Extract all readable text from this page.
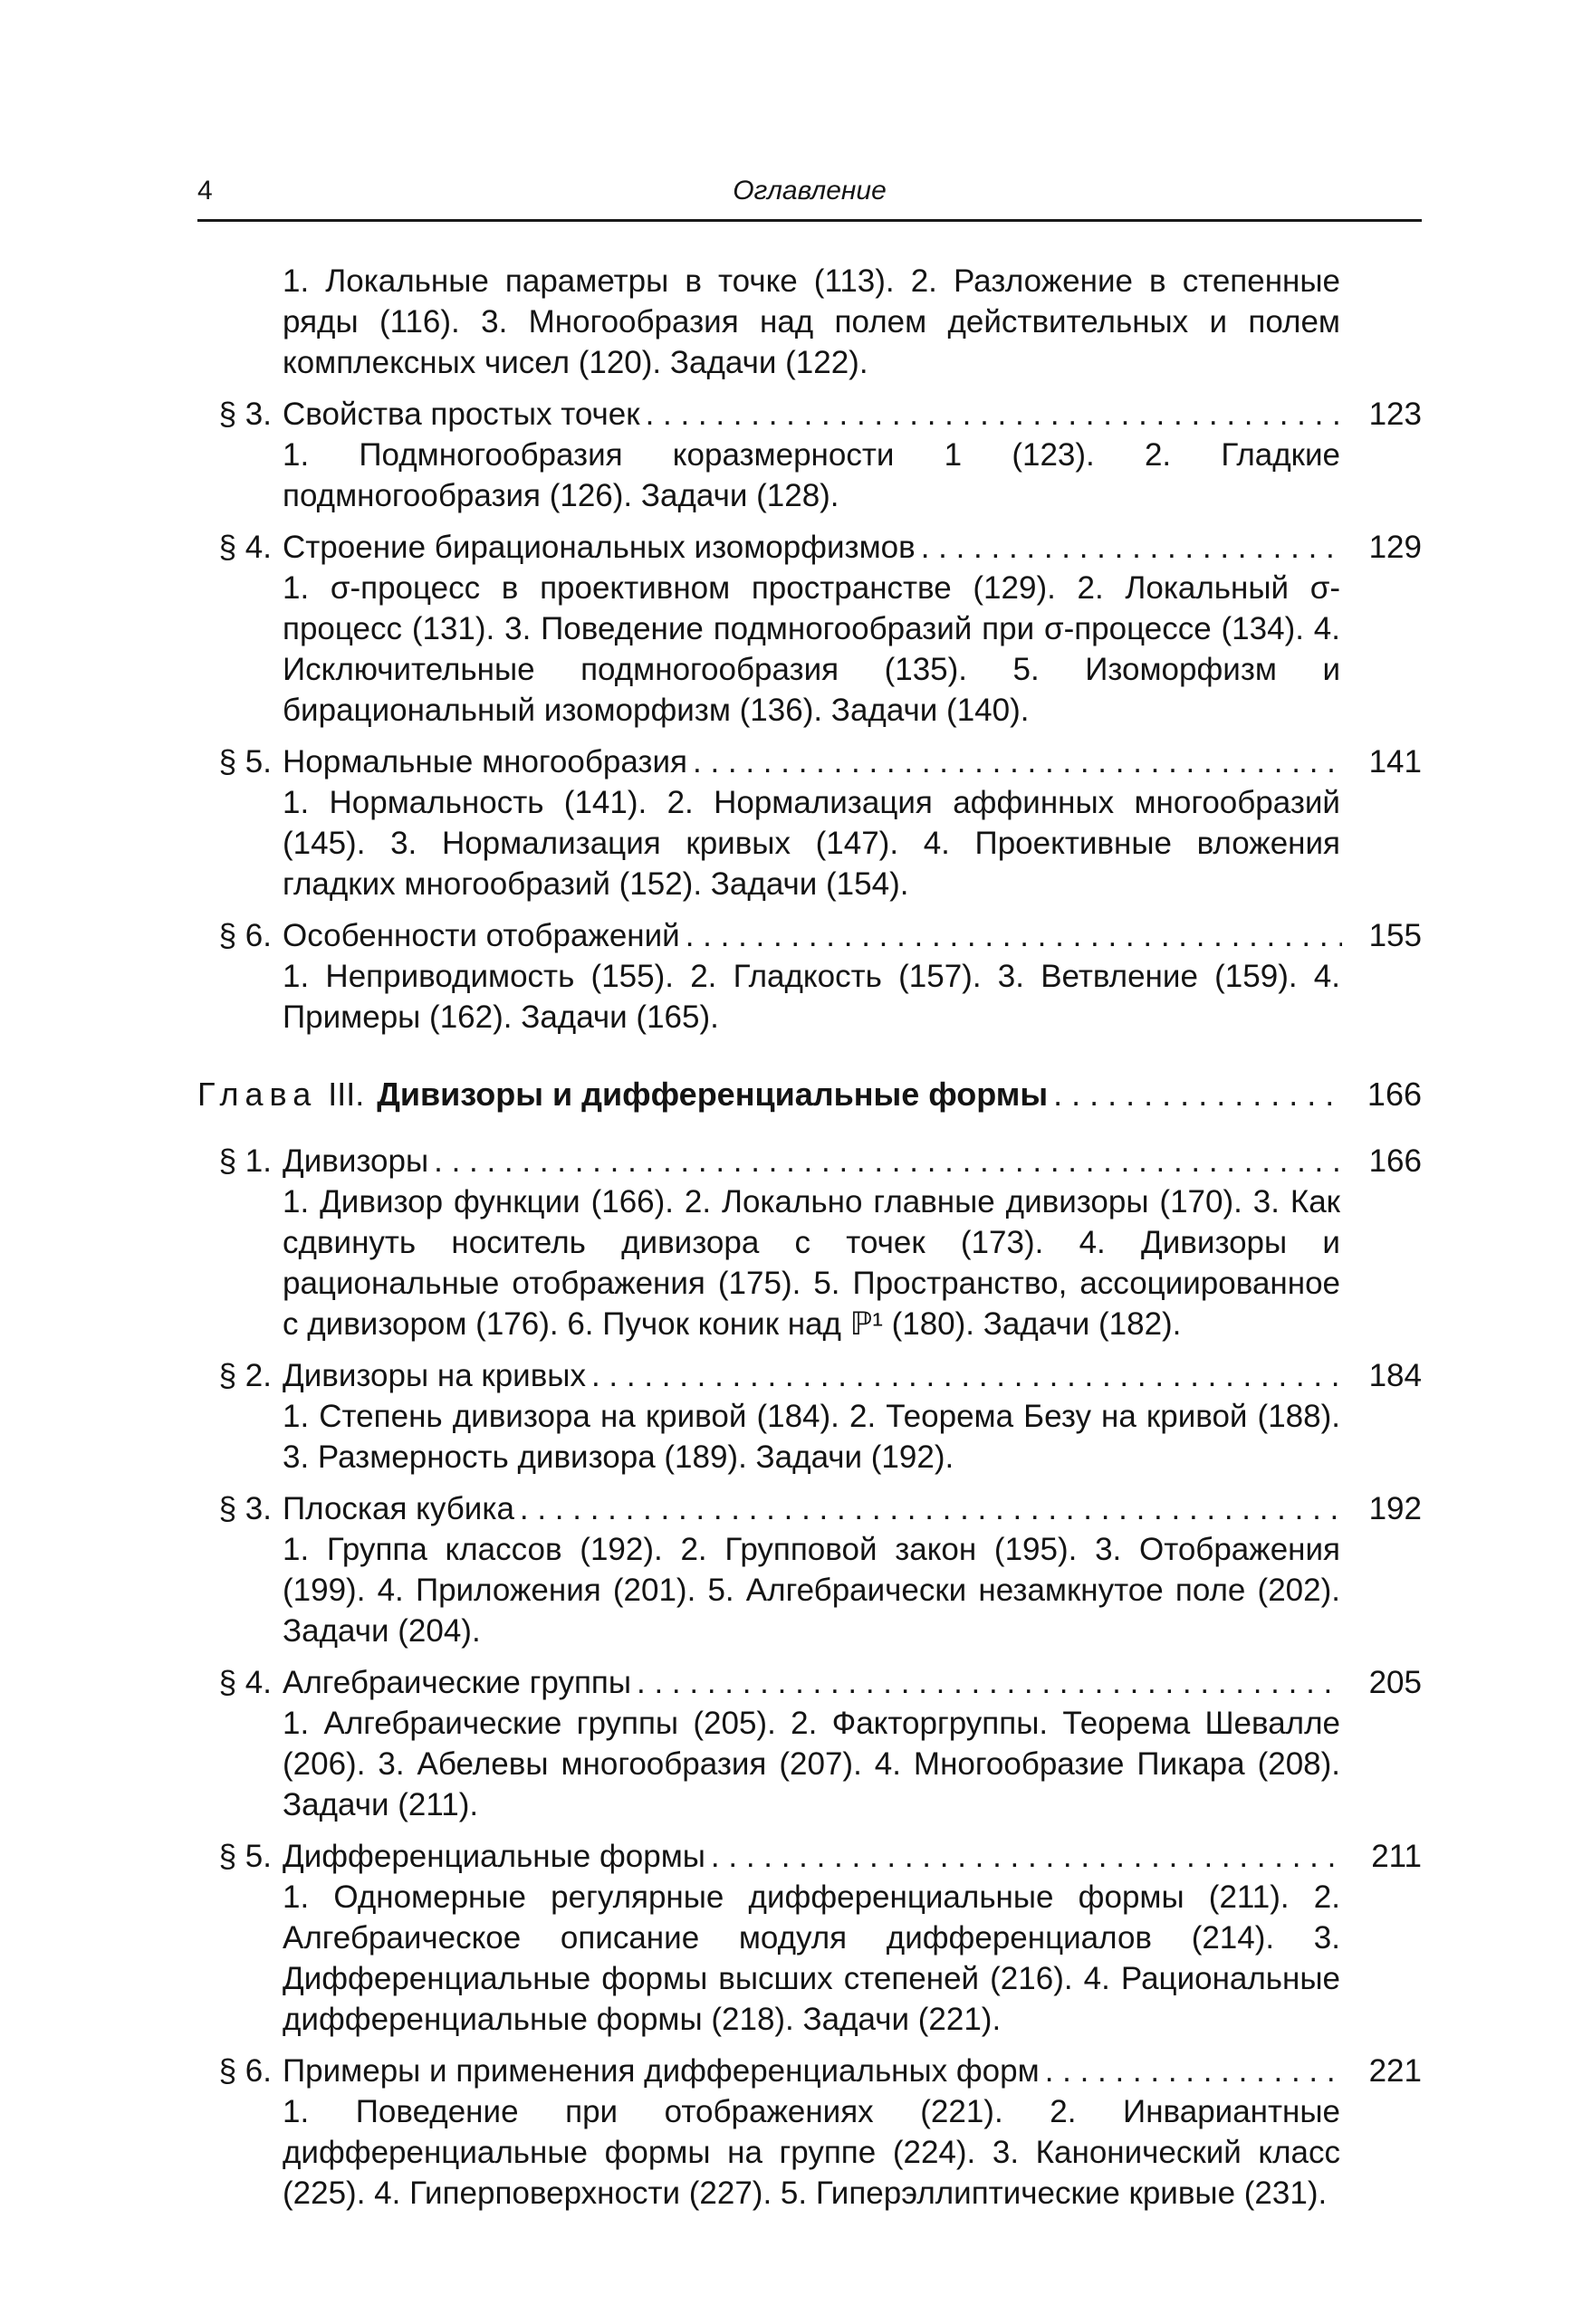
4	Оглавление
1. Локальные параметры в точке (113). 2. Разложение в степенные ряды (116). 3. Многообразия над полем действительных и полем комплексных чисел (120). Задачи (122).
§ 3. Свойства простых точек . . .	123
1. Подмногообразия коразмерности 1 (123). 2. Гладкие подмногообразия (126). Задачи (128).
§ 4. Строение бирациональных изоморфизмов . . .	129
1. σ-процесс в проективном пространстве (129). 2. Локальный σ-процесс (131). 3. Поведение подмногообразий при σ-процессе (134). 4. Исключительные подмногообразия (135). 5. Изоморфизм и бирациональный изоморфизм (136). Задачи (140).
§ 5. Нормальные многообразия . . .	141
1. Нормальность (141). 2. Нормализация аффинных многообразий (145). 3. Нормализация кривых (147). 4. Проективные вложения гладких многообразий (152). Задачи (154).
§ 6. Особенности отображений . . .	155
1. Неприводимость (155). 2. Гладкость (157). 3. Ветвление (159). 4. Примеры (162). Задачи (165).
Глава III. Дивизоры и дифференциальные формы . . .	166
§ 1. Дивизоры . . .	166
1. Дивизор функции (166). 2. Локально главные дивизоры (170). 3. Как сдвинуть носитель дивизора с точек (173). 4. Дивизоры и рациональные отображения (175). 5. Пространство, ассоциированное с дивизором (176). 6. Пучок коник над ℙ¹ (180). Задачи (182).
§ 2. Дивизоры на кривых . . .	184
1. Степень дивизора на кривой (184). 2. Теорема Безу на кривой (188). 3. Размерность дивизора (189). Задачи (192).
§ 3. Плоская кубика . . .	192
1. Группа классов (192). 2. Групповой закон (195). 3. Отображения (199). 4. Приложения (201). 5. Алгебраически незамкнутое поле (202). Задачи (204).
§ 4. Алгебраические группы . . .	205
1. Алгебраические группы (205). 2. Факторгруппы. Теорема Шевалле (206). 3. Абелевы многообразия (207). 4. Многообразие Пикара (208). Задачи (211).
§ 5. Дифференциальные формы . . .	211
1. Одномерные регулярные дифференциальные формы (211). 2. Алгебраическое описание модуля дифференциалов (214). 3. Дифференциальные формы высших степеней (216). 4. Рациональные дифференциальные формы (218). Задачи (221).
§ 6. Примеры и применения дифференциальных форм . . .	221
1. Поведение при отображениях (221). 2. Инвариантные дифференциальные формы на группе (224). 3. Канонический класс (225). 4. Гиперповерхности (227). 5. Гиперэллиптические кривые (231).
